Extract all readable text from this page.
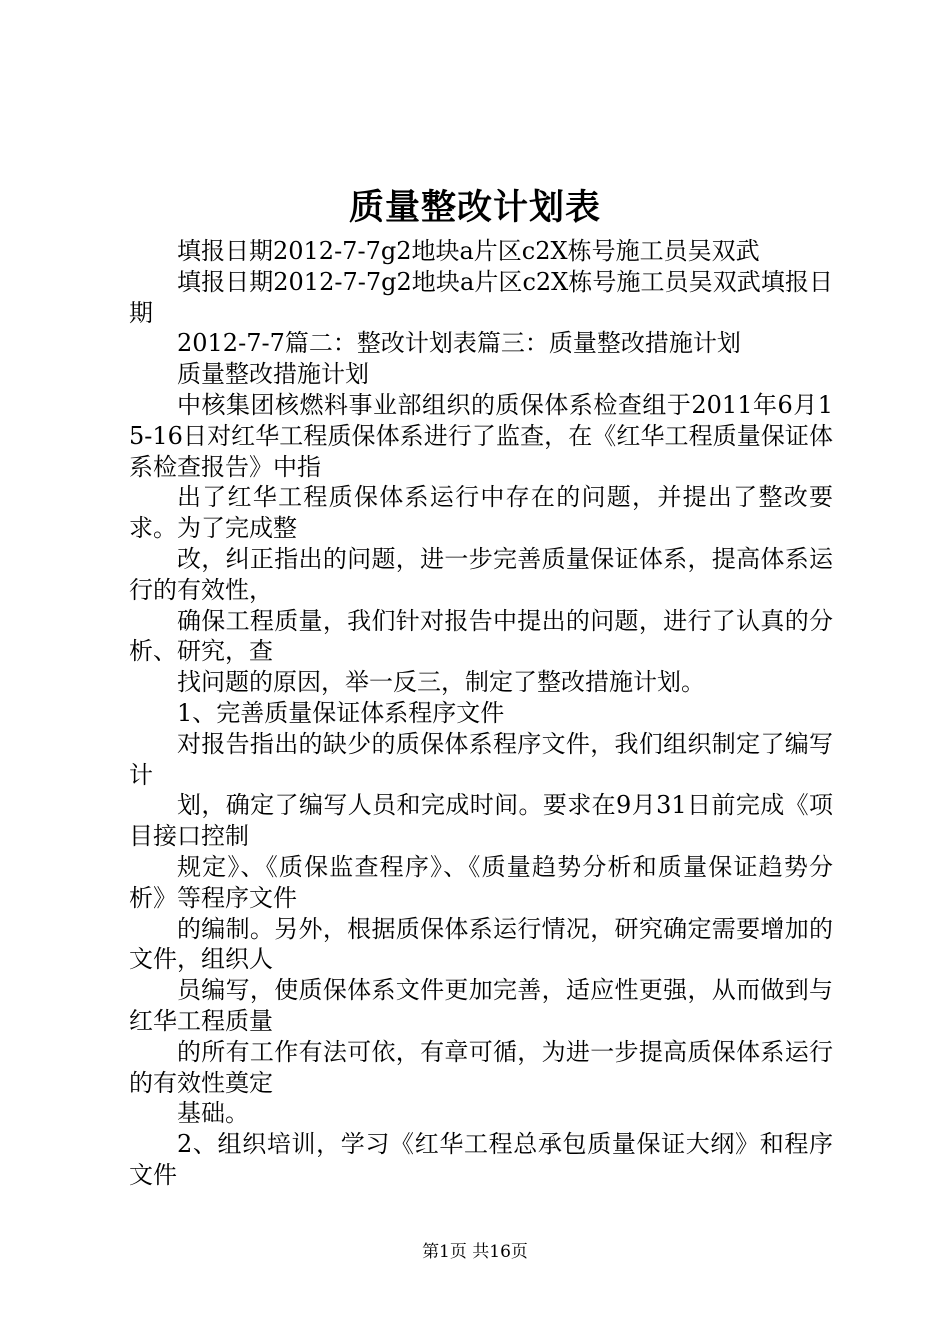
质量整改计划表

填报日期2012-7-7g2地块a片区c2X栋号施工员吴双武

填报日期2012-7-7g2地块a片区c2X栋号施工员吴双武填报日期

2012-7-7篇二：整改计划表篇三：质量整改措施计划

质量整改措施计划

中核集团核燃料事业部组织的质保体系检查组于2011年6月15-16日对红华工程质保体系进行了监查，在《红华工程质量保证体系检查报告》中指

出了红华工程质保体系运行中存在的问题，并提出了整改要求。为了完成整

改，纠正指出的问题，进一步完善质量保证体系，提高体系运行的有效性，

确保工程质量，我们针对报告中提出的问题，进行了认真的分析、研究，查

找问题的原因，举一反三，制定了整改措施计划。

1、完善质量保证体系程序文件

对报告指出的缺少的质保体系程序文件，我们组织制定了编写计

划，确定了编写人员和完成时间。要求在9月31日前完成《项目接口控制

规定》、《质保监查程序》、《质量趋势分析和质量保证趋势分析》等程序文件

的编制。另外，根据质保体系运行情况，研究确定需要增加的文件，组织人

员编写，使质保体系文件更加完善，适应性更强，从而做到与红华工程质量

的所有工作有法可依，有章可循，为进一步提高质保体系运行的有效性奠定

基础。

2、组织培训，学习《红华工程总承包质量保证大纲》和程序文件

第1页 共16页
